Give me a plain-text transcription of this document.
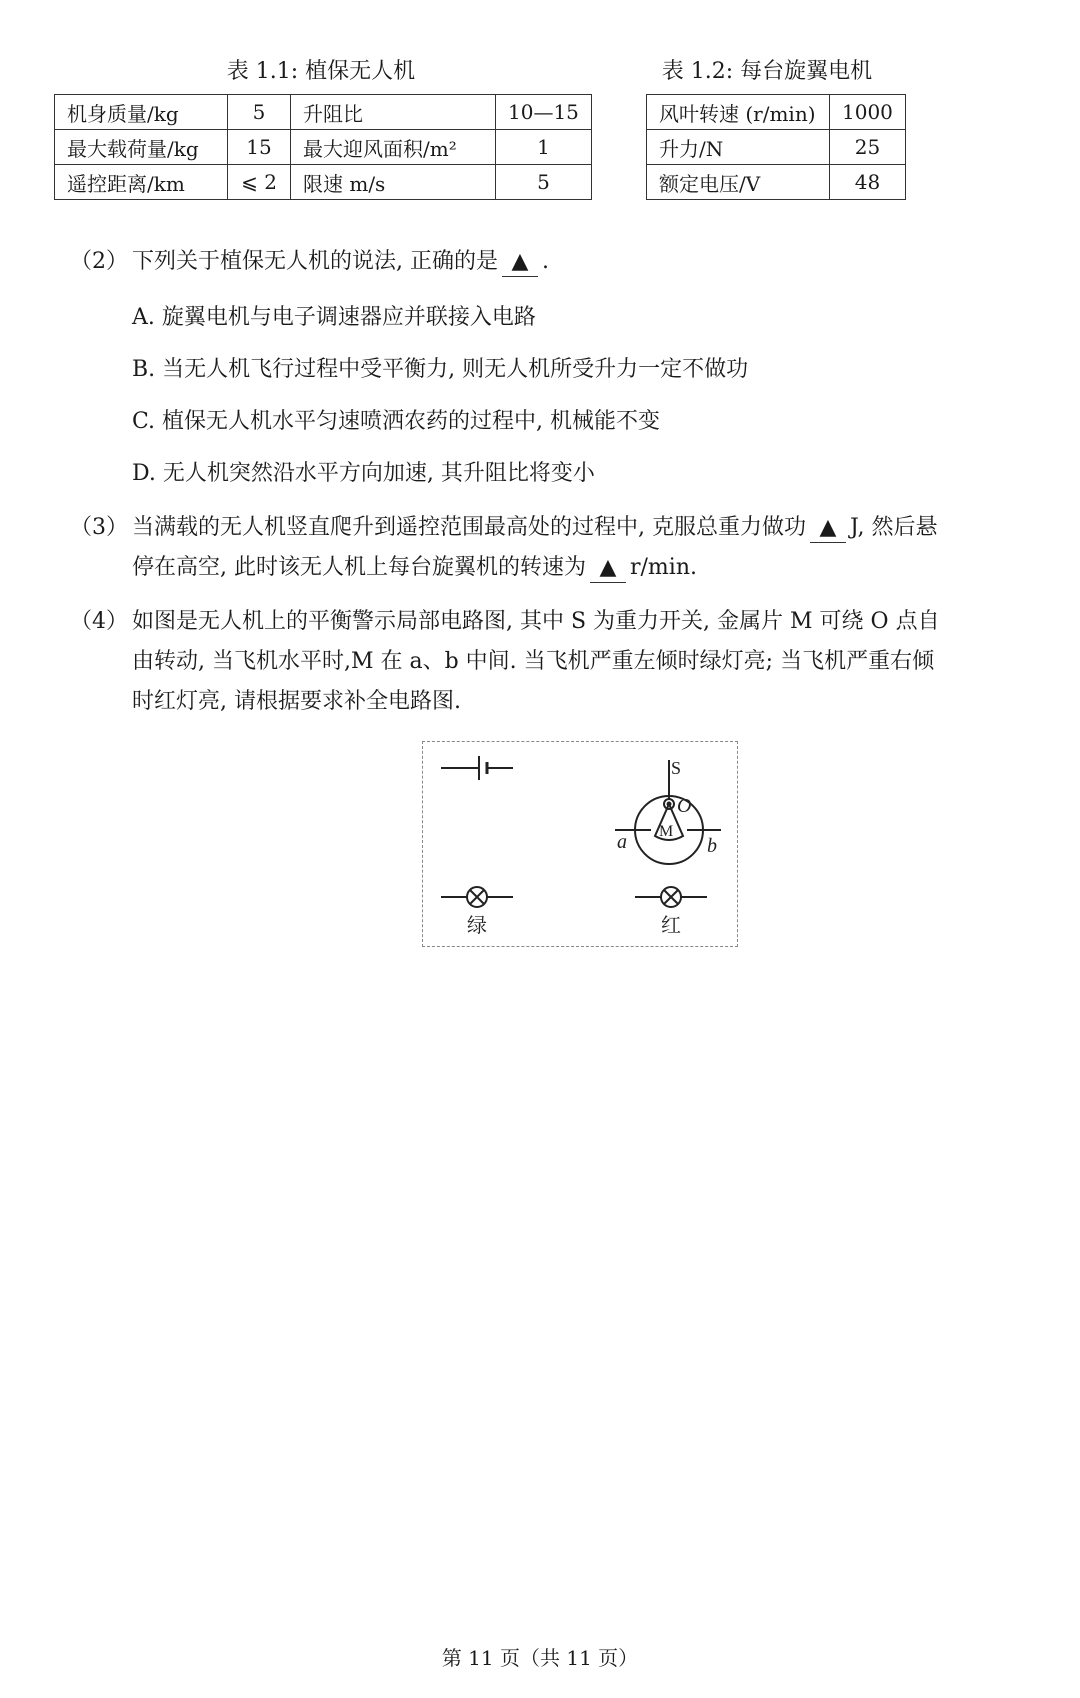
表 1.1: 植保无人机	表 1.2: 每台旋翼电机
机身质量/kg	5	升阻比	10—15
最大载荷量/kg	15	最大迎风面积/m²	1
遥控距离/km	⩽ 2	限速 m/s	5
风叶转速 (r/min)	1000
升力/N	25
额定电压/V	48
（2） 下列关于植保无人机的说法, 正确的是 ▲ .
A. 旋翼电机与电子调速器应并联接入电路
B. 当无人机飞行过程中受平衡力, 则无人机所受升力一定不做功
C. 植保无人机水平匀速喷洒农药的过程中, 机械能不变
D. 无人机突然沿水平方向加速, 其升阻比将变小
（3） 当满载的无人机竖直爬升到遥控范围最高处的过程中, 克服总重力做功 ▲ J, 然后悬
停在高空, 此时该无人机上每台旋翼机的转速为 ▲ r/min.
（4） 如图是无人机上的平衡警示局部电路图, 其中 S 为重力开关, 金属片 M 可绕 O 点自
由转动, 当飞机水平时,M 在 a、b 中间. 当飞机严重左倾时绿灯亮; 当飞机严重右倾
时红灯亮, 请根据要求补全电路图.
S
O
M
a	b
绿	红
第 11 页（共 11 页）
